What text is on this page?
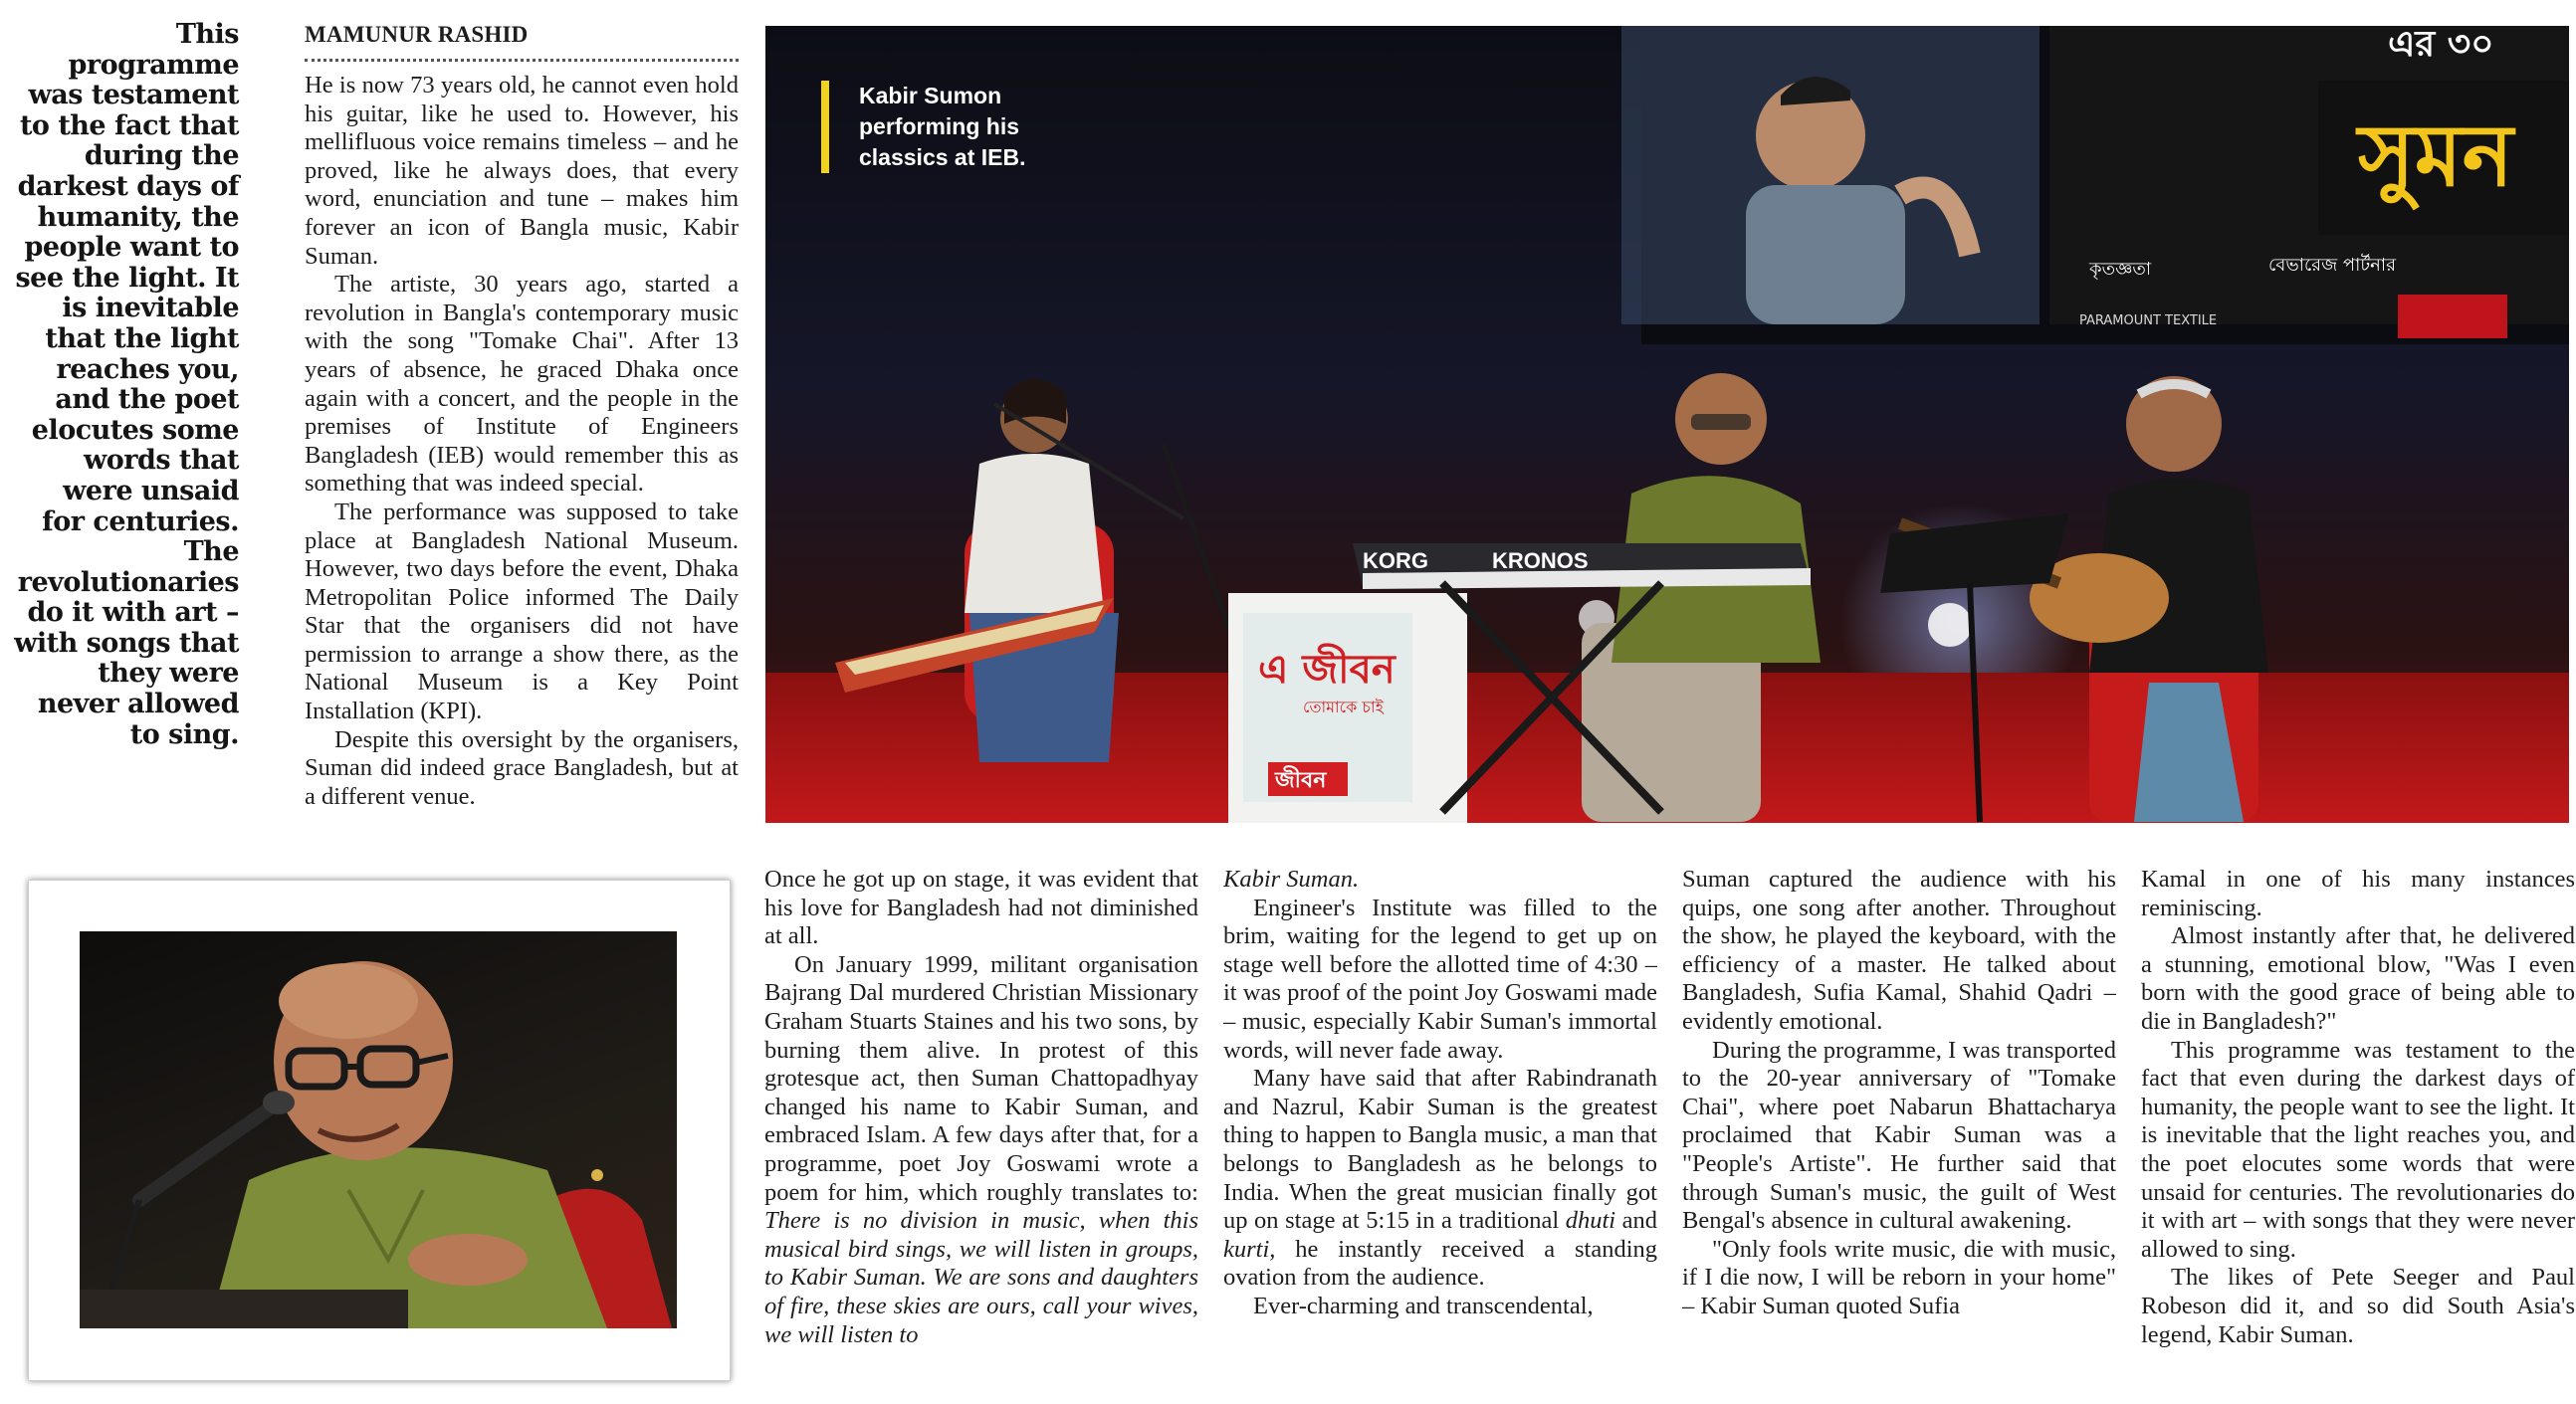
This programme was testament to the fact that during the darkest days of humanity, the people want to see the light. It is inevitable that the light reaches you, and the poet elocutes some words that were unsaid for centuries. The revolutionaries do it with art – with songs that they were never allowed to sing.
MAMUNUR RASHID

He is now 73 years old, he cannot even hold his guitar, like he used to. However, his mellifluous voice remains timeless – and he proved, like he always does, that every word, enunciation and tune – makes him forever an icon of Bangla music, Kabir Suman.

The artiste, 30 years ago, started a revolution in Bangla's contemporary music with the song "Tomake Chai". After 13 years of absence, he graced Dhaka once again with a concert, and the people in the premises of Institute of Engineers Bangladesh (IEB) would remember this as something that was indeed special.

The performance was supposed to take place at Bangladesh National Museum. However, two days before the event, Dhaka Metropolitan Police informed The Daily Star that the organisers did not have permission to arrange a show there, as the National Museum is a Key Point Installation (KPI).

Despite this oversight by the organisers, Suman did indeed grace Bangladesh, but at a different venue.

সুমন
এর ৩০
কৃতজ্ঞতা	বেভারেজ পার্টনার
PARAMOUNT TEXTILE
এ জীবন
তোমাকে চাই
জীবন
KORG	KRONOS
Kabir Sumon performing his classics at IEB.

Once he got up on stage, it was evident that his love for Bangladesh had not diminished at all.

On January 1999, militant organisation Bajrang Dal murdered Christian Missionary Graham Stuarts Staines and his two sons, by burning them alive. In protest of this grotesque act, then Suman Chattopadhyay changed his name to Kabir Suman, and embraced Islam. A few days after that, for a programme, poet Joy Goswami wrote a poem for him, which roughly translates to: There is no division in music, when this musical bird sings, we will listen in groups, to Kabir Suman. We are sons and daughters of fire, these skies are ours, call your wives, we will listen to

Kabir Suman.

Engineer's Institute was filled to the brim, waiting for the legend to get up on stage well before the allotted time of 4:30 – it was proof of the point Joy Goswami made – music, especially Kabir Suman's immortal words, will never fade away.

Many have said that after Rabindranath and Nazrul, Kabir Suman is the greatest thing to happen to Bangla music, a man that belongs to Bangladesh as he belongs to India. When the great musician finally got up on stage at 5:15 in a traditional dhuti and kurti, he instantly received a standing ovation from the audience.

Ever-charming and transcendental,

Suman captured the audience with his quips, one song after another. Throughout the show, he played the keyboard, with the efficiency of a master. He talked about Bangladesh, Sufia Kamal, Shahid Qadri – evidently emotional.

During the programme, I was transported to the 20-year anniversary of "Tomake Chai", where poet Nabarun Bhattacharya proclaimed that Kabir Suman was a "People's Artiste". He further said that through Suman's music, the guilt of West Bengal's absence in cultural awakening.

"Only fools write music, die with music, if I die now, I will be reborn in your home" – Kabir Suman quoted Sufia

Kamal in one of his many instances reminiscing.

Almost instantly after that, he delivered a stunning, emotional blow, "Was I even born with the good grace of being able to die in Bangladesh?"

This programme was testament to the fact that even during the darkest days of humanity, the people want to see the light. It is inevitable that the light reaches you, and the poet elocutes some words that were unsaid for centuries. The revolutionaries do it with art – with songs that they were never allowed to sing.

The likes of Pete Seeger and Paul Robeson did it, and so did South Asia's legend, Kabir Suman.
